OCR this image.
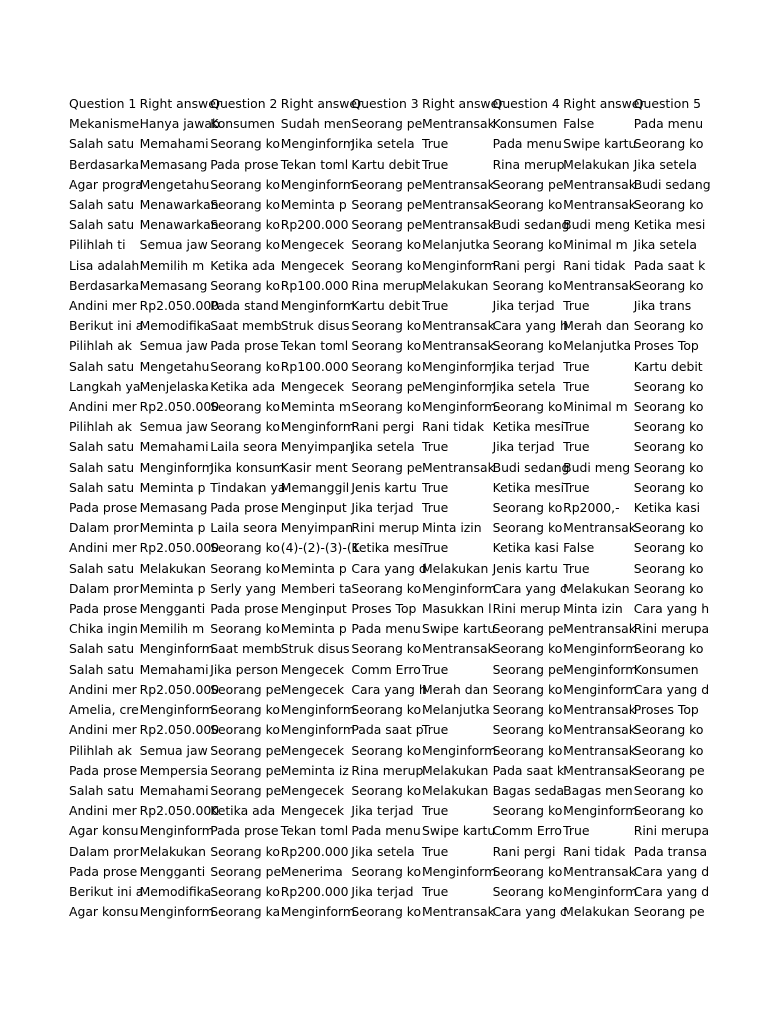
Question 1	Right answer	Question 2	Right answer	Question 3	Right answer	Question 4	Right answer	Question 5
Mekanisme	Hanya jawab	Konsumen	Sudah men	Seorang pe	Mentransak	Konsumen	False	Pada menu
Salah satu	Memahami	Seorang ko	Menginform	Jika setela	True	Pada menu	Swipe kartu	Seorang ko
Berdasarka	Memasang	Pada prose	Tekan toml	Kartu debit	True	Rina merup	Melakukan	Jika setela
Agar progra	Mengetahu	Seorang ko	Menginform	Seorang pe	Mentransak	Seorang pe	Mentransak	Budi sedang
Salah satu	Menawarkan	Seorang ko	Meminta p	Seorang pe	Mentransak	Seorang ko	Mentransak	Seorang ko
Salah satu	Menawarkan	Seorang ko	Rp200.000	Seorang pe	Mentransak	Budi sedang	Budi meng	Ketika mesi
Pilihlah ti	Semua jaw	Seorang ko	Mengecek	Seorang ko	Melanjutka	Seorang ko	Minimal m	Jika setela
Lisa adalah	Memilih m	Ketika ada	Mengecek	Seorang ko	Menginform	Rani pergi	Rani tidak	Pada saat k
Berdasarka	Memasang	Seorang ko	Rp100.000	Rina merup	Melakukan	Seorang ko	Mentransak	Seorang ko
Andini mer	Rp2.050.000	Pada stand	Menginform	Kartu debit	True	Jika terjad	True	Jika trans
Berikut ini a	Memodifika	Saat memb	Struk disus	Seorang ko	Mentransak	Cara yang h	Merah dan	Seorang ko
Pilihlah ak	Semua jaw	Pada prose	Tekan toml	Seorang ko	Mentransak	Seorang ko	Melanjutka	Proses Top
Salah satu	Mengetahu	Seorang ko	Rp100.000	Seorang ko	Menginform	Jika terjad	True	Kartu debit
Langkah ya	Menjelaska	Ketika ada	Mengecek	Seorang pe	Menginform	Jika setela	True	Seorang ko
Andini mer	Rp2.050.000	Seorang ko	Meminta m	Seorang ko	Menginform	Seorang ko	Minimal m	Seorang ko
Pilihlah ak	Semua jaw	Seorang ko	Menginform	Rani pergi	Rani tidak	Ketika mesi	True	Seorang ko
Salah satu	Memahami	Laila seora	Menyimpan	Jika setela	True	Jika terjad	True	Seorang ko
Salah satu	Menginform	Jika konsum	Kasir ment	Seorang pe	Mentransak	Budi sedang	Budi meng	Seorang ko
Salah satu	Meminta p	Tindakan ya	Memanggil	Jenis kartu	True	Ketika mesi	True	Seorang ko
Pada prose	Memasang	Pada prose	Menginput	Jika terjad	True	Seorang ko	Rp2000,-	Ketika kasi
Dalam pror	Meminta p	Laila seora	Menyimpan	Rini merup	Minta izin	Seorang ko	Mentransak	Seorang ko
Andini mer	Rp2.050.000	Seorang ko	(4)-(2)-(3)-(1	Ketika mesi	True	Ketika kasi	False	Seorang ko
Salah satu	Melakukan	Seorang ko	Meminta p	Cara yang d	Melakukan	Jenis kartu	True	Seorang ko
Dalam pror	Meminta p	Serly yang	Memberi ta	Seorang ko	Menginform	Cara yang c	Melakukan	Seorang ko
Pada prose	Mengganti	Pada prose	Menginput	Proses Top	Masukkan l	Rini merup	Minta izin	Cara yang h
Chika ingin	Memilih m	Seorang ko	Meminta p	Pada menu	Swipe kartu	Seorang pe	Mentransak	Rini merupa
Salah satu	Menginform	Saat memb	Struk disus	Seorang ko	Mentransak	Seorang ko	Menginform	Seorang ko
Salah satu	Memahami	Jika person	Mengecek	Comm Erro	True	Seorang pe	Menginform	Konsumen
Andini mer	Rp2.050.000	Seorang pe	Mengecek	Cara yang h	Merah dan	Seorang ko	Menginform	Cara yang d
Amelia, cre	Menginform	Seorang ko	Menginform	Seorang ko	Melanjutka	Seorang ko	Mentransak	Proses Top
Andini mer	Rp2.050.000	Seorang ko	Menginform	Pada saat p	True	Seorang ko	Mentransak	Seorang ko
Pilihlah ak	Semua jaw	Seorang pe	Mengecek	Seorang ko	Menginform	Seorang ko	Mentransak	Seorang ko
Pada prose	Mempersia	Seorang pe	Meminta iz	Rina merup	Melakukan	Pada saat k	Mentransak	Seorang pe
Salah satu	Memahami	Seorang pe	Mengecek	Seorang ko	Melakukan	Bagas seda	Bagas men	Seorang ko
Andini mer	Rp2.050.000	Ketika ada	Mengecek	Jika terjad	True	Seorang ko	Menginform	Seorang ko
Agar konsu	Menginform	Pada prose	Tekan toml	Pada menu	Swipe kartu	Comm Erro	True	Rini merupa
Dalam pror	Melakukan	Seorang ko	Rp200.000	Jika setela	True	Rani pergi	Rani tidak	Pada transa
Pada prose	Mengganti	Seorang pe	Menerima	Seorang ko	Menginform	Seorang ko	Mentransak	Cara yang d
Berikut ini a	Memodifika	Seorang ko	Rp200.000	Jika terjad	True	Seorang ko	Menginform	Cara yang d
Agar konsu	Menginform	Seorang ka	Menginform	Seorang ko	Mentransak	Cara yang c	Melakukan	Seorang pe
